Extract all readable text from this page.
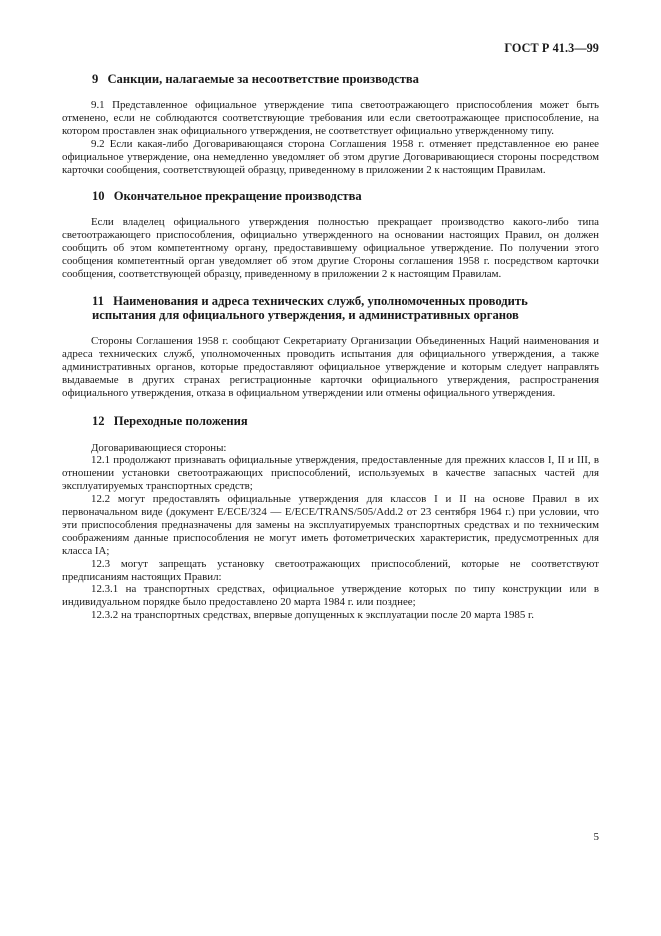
ГОСТ Р 41.3—99
9 Санкции, налагаемые за несоответствие производства

9.1 Представленное официальное утверждение типа светоотражающего приспособления может быть отменено, если не соблюдаются соответствующие требования или если светоотражающее приспособление, на котором проставлен знак официального утверждения, не соответствует официально утвержденному типу.

9.2 Если какая-либо Договаривающаяся сторона Соглашения 1958 г. отменяет представленное ею ранее официальное утверждение, она немедленно уведомляет об этом другие Договаривающиеся стороны посредством карточки сообщения, соответствующей образцу, приведенному в приложении 2 к настоящим Правилам.

10 Окончательное прекращение производства

Если владелец официального утверждения полностью прекращает производство какого-либо типа светоотражающего приспособления, официально утвержденного на основании настоящих Правил, он должен сообщить об этом компетентному органу, предоставившему официальное утверждение. По получении этого сообщения компетентный орган уведомляет об этом другие Стороны соглашения 1958 г. посредством карточки сообщения, соответствующей образцу, приведенному в приложении 2 к настоящим Правилам.

11 Наименования и адреса технических служб, уполномоченных проводить
испытания для официального утверждения, и административных органов

Стороны Соглашения 1958 г. сообщают Секретариату Организации Объединенных Наций наименования и адреса технических служб, уполномоченных проводить испытания для официального утверждения, а также административных органов, которые предоставляют официальное утверждение и которым следует направлять выдаваемые в других странах регистрационные карточки официального утверждения, распространения официального утверждения, отказа в официальном утверждении или отмены официального утверждения.

12 Переходные положения

Договаривающиеся стороны:

12.1 продолжают признавать официальные утверждения, предоставленные для прежних классов I, II и III, в отношении установки светоотражающих приспособлений, используемых в качестве запасных частей для эксплуатируемых транспортных средств;

12.2 могут предоставлять официальные утверждения для классов I и II на основе Правил в их первоначальном виде (документ E/ECE/324 — E/ECE/TRANS/505/Add.2 от 23 сентября 1964 г.) при условии, что эти приспособления предназначены для замены на эксплуатируемых транспортных средствах и по техническим соображениям данные приспособления не могут иметь фотометрических характеристик, предусмотренных для класса IA;

12.3 могут запрещать установку светоотражающих приспособлений, которые не соответствуют предписаниям настоящих Правил:

12.3.1 на транспортных средствах, официальное утверждение которых по типу конструкции или в индивидуальном порядке было предоставлено 20 марта 1984 г. или позднее;

12.3.2 на транспортных средствах, впервые допущенных к эксплуатации после 20 марта 1985 г.

5
